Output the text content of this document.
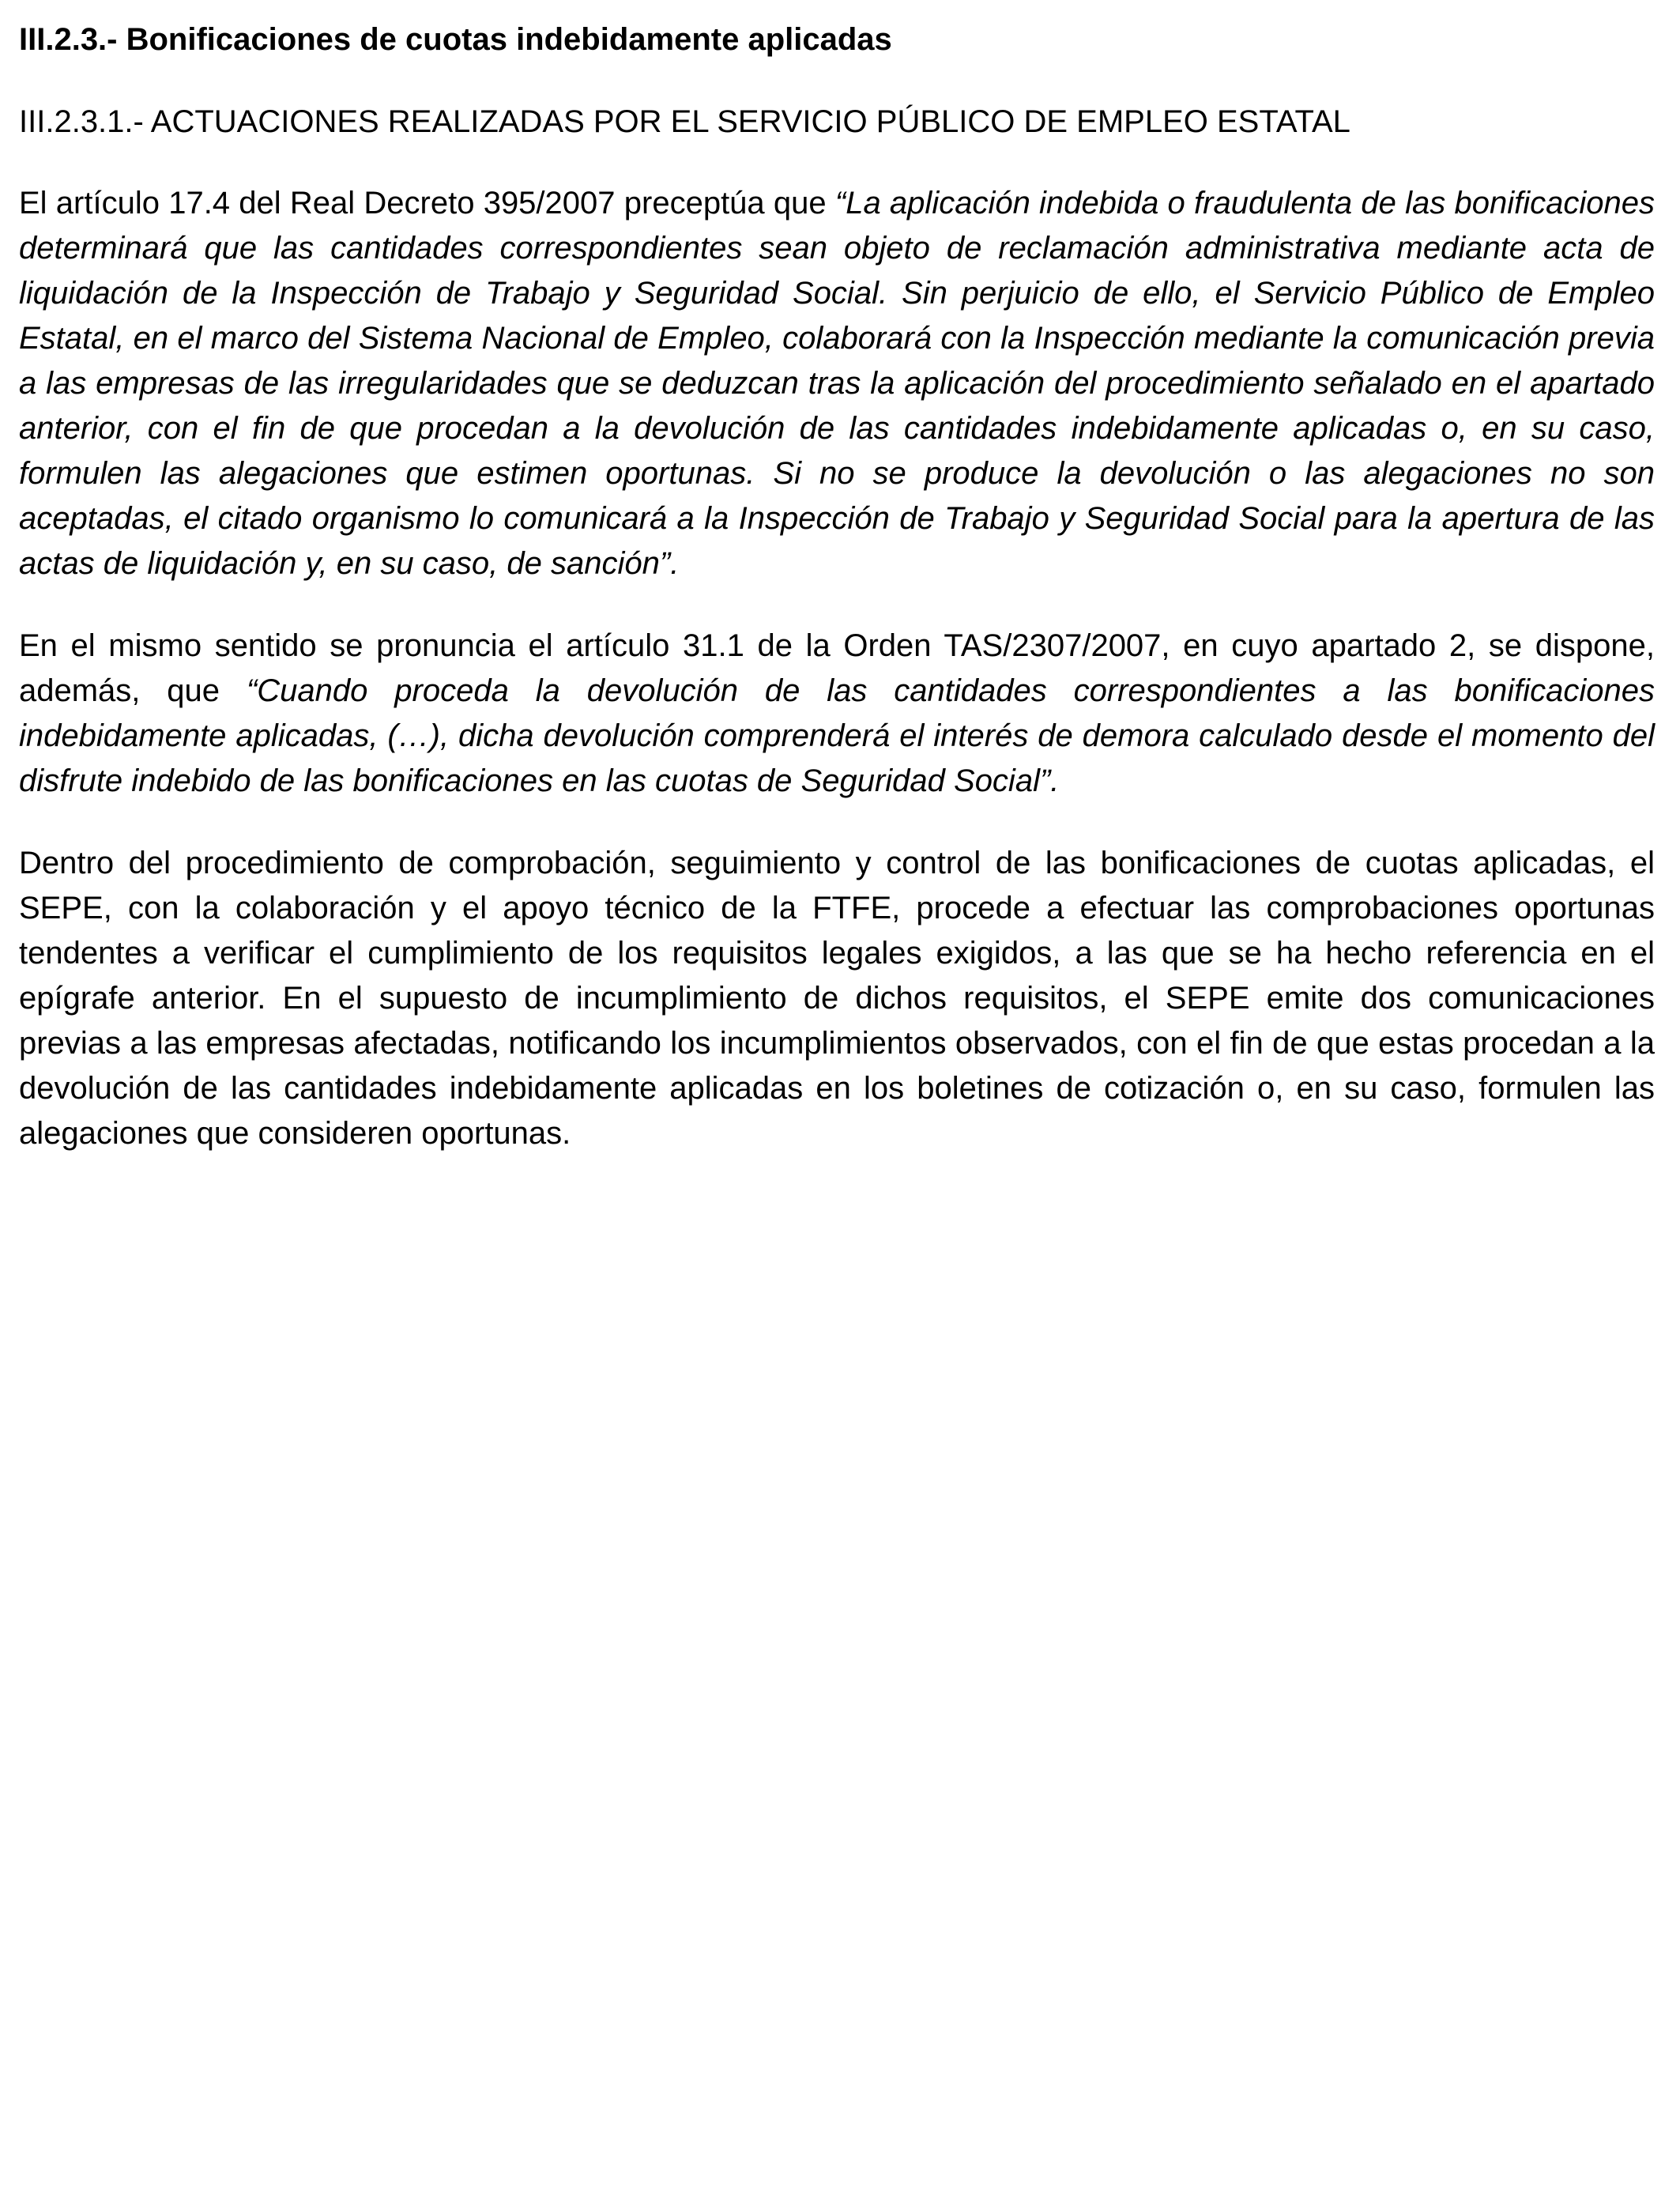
III.2.3.- Bonificaciones de cuotas indebidamente aplicadas
III.2.3.1.- ACTUACIONES REALIZADAS POR EL SERVICIO PÚBLICO DE EMPLEO ESTATAL

El artículo 17.4 del Real Decreto 395/2007 preceptúa que “La aplicación indebida o fraudulenta de las bonificaciones determinará que las cantidades correspondientes sean objeto de reclamación administrativa mediante acta de liquidación de la Inspección de Trabajo y Seguridad Social. Sin perjuicio de ello, el Servicio Público de Empleo Estatal, en el marco del Sistema Nacional de Empleo, colaborará con la Inspección mediante la comunicación previa a las empresas de las irregularidades que se deduzcan tras la aplicación del procedimiento señalado en el apartado anterior, con el fin de que procedan a la devolución de las cantidades indebidamente aplicadas o, en su caso, formulen las alegaciones que estimen oportunas. Si no se produce la devolución o las alegaciones no son aceptadas, el citado organismo lo comunicará a la Inspección de Trabajo y Seguridad Social para la apertura de las actas de liquidación y, en su caso, de sanción”.

En el mismo sentido se pronuncia el artículo 31.1 de la Orden TAS/2307/2007, en cuyo apartado 2, se dispone, además, que “Cuando proceda la devolución de las cantidades correspondientes a las bonificaciones indebidamente aplicadas, (…), dicha devolución comprenderá el interés de demora calculado desde el momento del disfrute indebido de las bonificaciones en las cuotas de Seguridad Social”.

Dentro del procedimiento de comprobación, seguimiento y control de las bonificaciones de cuotas aplicadas, el SEPE, con la colaboración y el apoyo técnico de la FTFE, procede a efectuar las comprobaciones oportunas tendentes a verificar el cumplimiento de los requisitos legales exigidos, a las que se ha hecho referencia en el epígrafe anterior. En el supuesto de incumplimiento de dichos requisitos, el SEPE emite dos comunicaciones previas a las empresas afectadas, notificando los incumplimientos observados, con el fin de que estas procedan a la devolución de las cantidades indebidamente aplicadas en los boletines de cotización o, en su caso, formulen las alegaciones que consideren oportunas.
